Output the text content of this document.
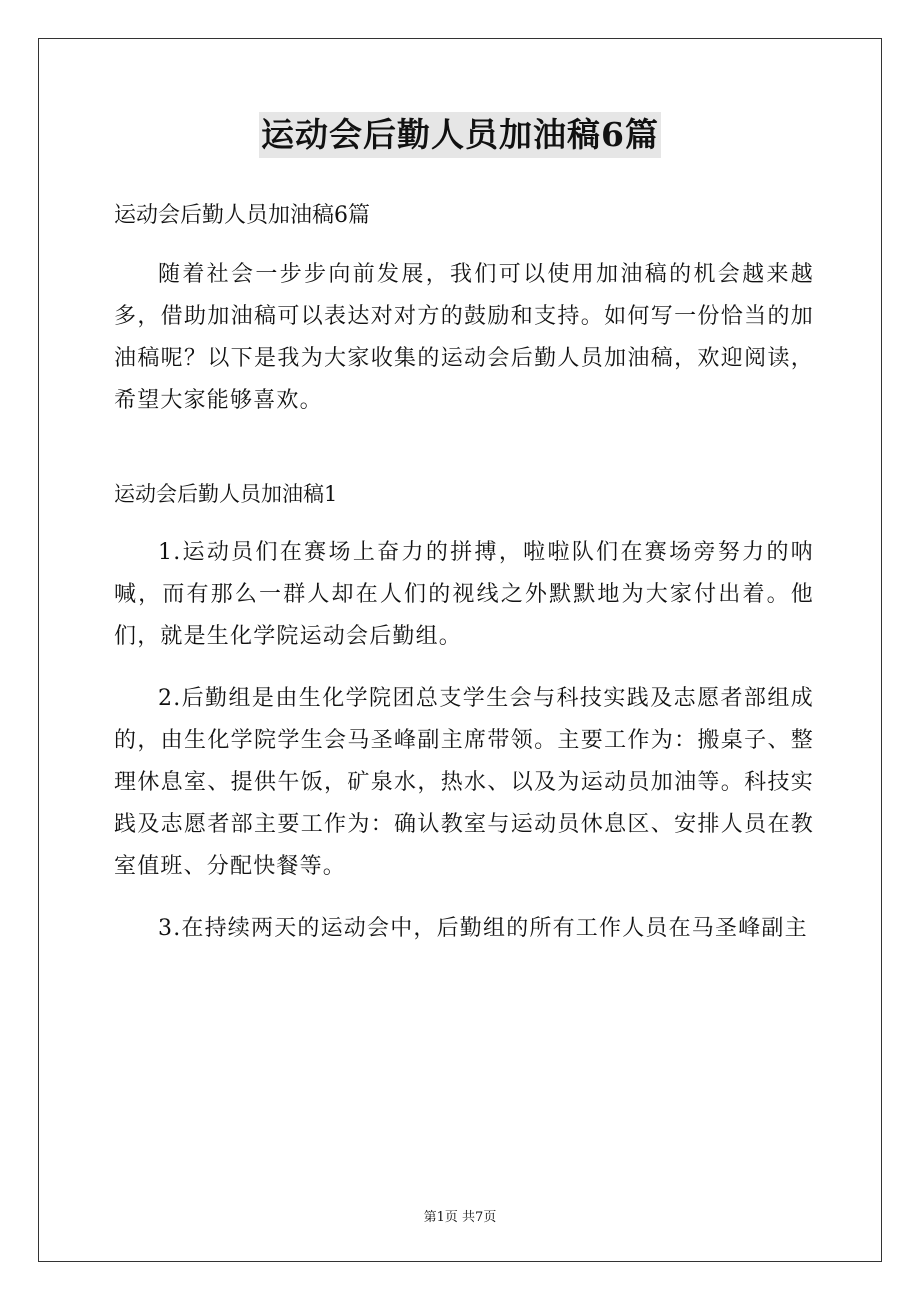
运动会后勤人员加油稿6篇

运动会后勤人员加油稿6篇

随着社会一步步向前发展，我们可以使用加油稿的机会越来越多，借助加油稿可以表达对对方的鼓励和支持。如何写一份恰当的加油稿呢？以下是我为大家收集的运动会后勤人员加油稿，欢迎阅读，希望大家能够喜欢。

运动会后勤人员加油稿1

1.运动员们在赛场上奋力的拼搏，啦啦队们在赛场旁努力的呐喊，而有那么一群人却在人们的视线之外默默地为大家付出着。他们，就是生化学院运动会后勤组。

2.后勤组是由生化学院团总支学生会与科技实践及志愿者部组成的，由生化学院学生会马圣峰副主席带领。主要工作为：搬桌子、整理休息室、提供午饭，矿泉水，热水、以及为运动员加油等。科技实践及志愿者部主要工作为：确认教室与运动员休息区、安排人员在教室值班、分配快餐等。

3.在持续两天的运动会中，后勤组的所有工作人员在马圣峰副主

第1页 共7页
